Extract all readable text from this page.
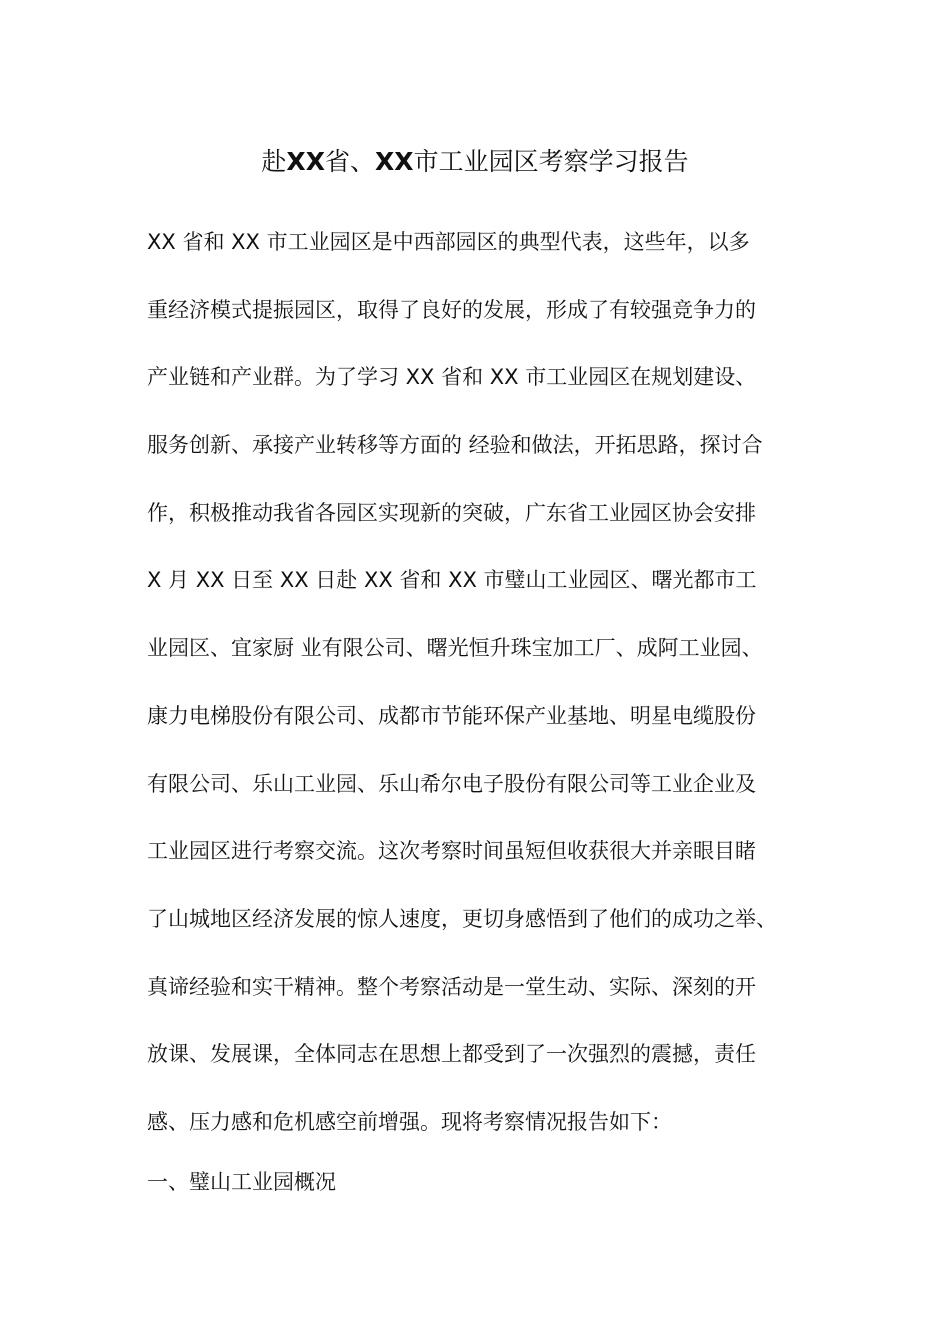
赴XX省、XX市工业园区考察学习报告
XX 省和 XX 市工业园区是中西部园区的典型代表，这些年，以多
重经济模式提振园区，取得了良好的发展，形成了有较强竞争力的
产业链和产业群。为了学习 XX 省和 XX 市工业园区在规划建设、
服务创新、承接产业转移等方面的 经验和做法，开拓思路，探讨合
作，积极推动我省各园区实现新的突破，广东省工业园区协会安排
X 月 XX 日至 XX 日赴 XX 省和 XX 市璧山工业园区、曙光都市工
业园区、宜家厨 业有限公司、曙光恒升珠宝加工厂、成阿工业园、
康力电梯股份有限公司、成都市节能环保产业基地、明星电缆股份
有限公司、乐山工业园、乐山希尔电子股份有限公司等工业企业及
工业园区进行考察交流。这次考察时间虽短但收获很大并亲眼目睹
了山城地区经济发展的惊人速度，更切身感悟到了他们的成功之举、
真谛经验和实干精神。整个考察活动是一堂生动、实际、深刻的开
放课、发展课，全体同志在思想上都受到了一次强烈的震撼，责任
感、压力感和危机感空前增强。现将考察情况报告如下：
一、璧山工业园概况
